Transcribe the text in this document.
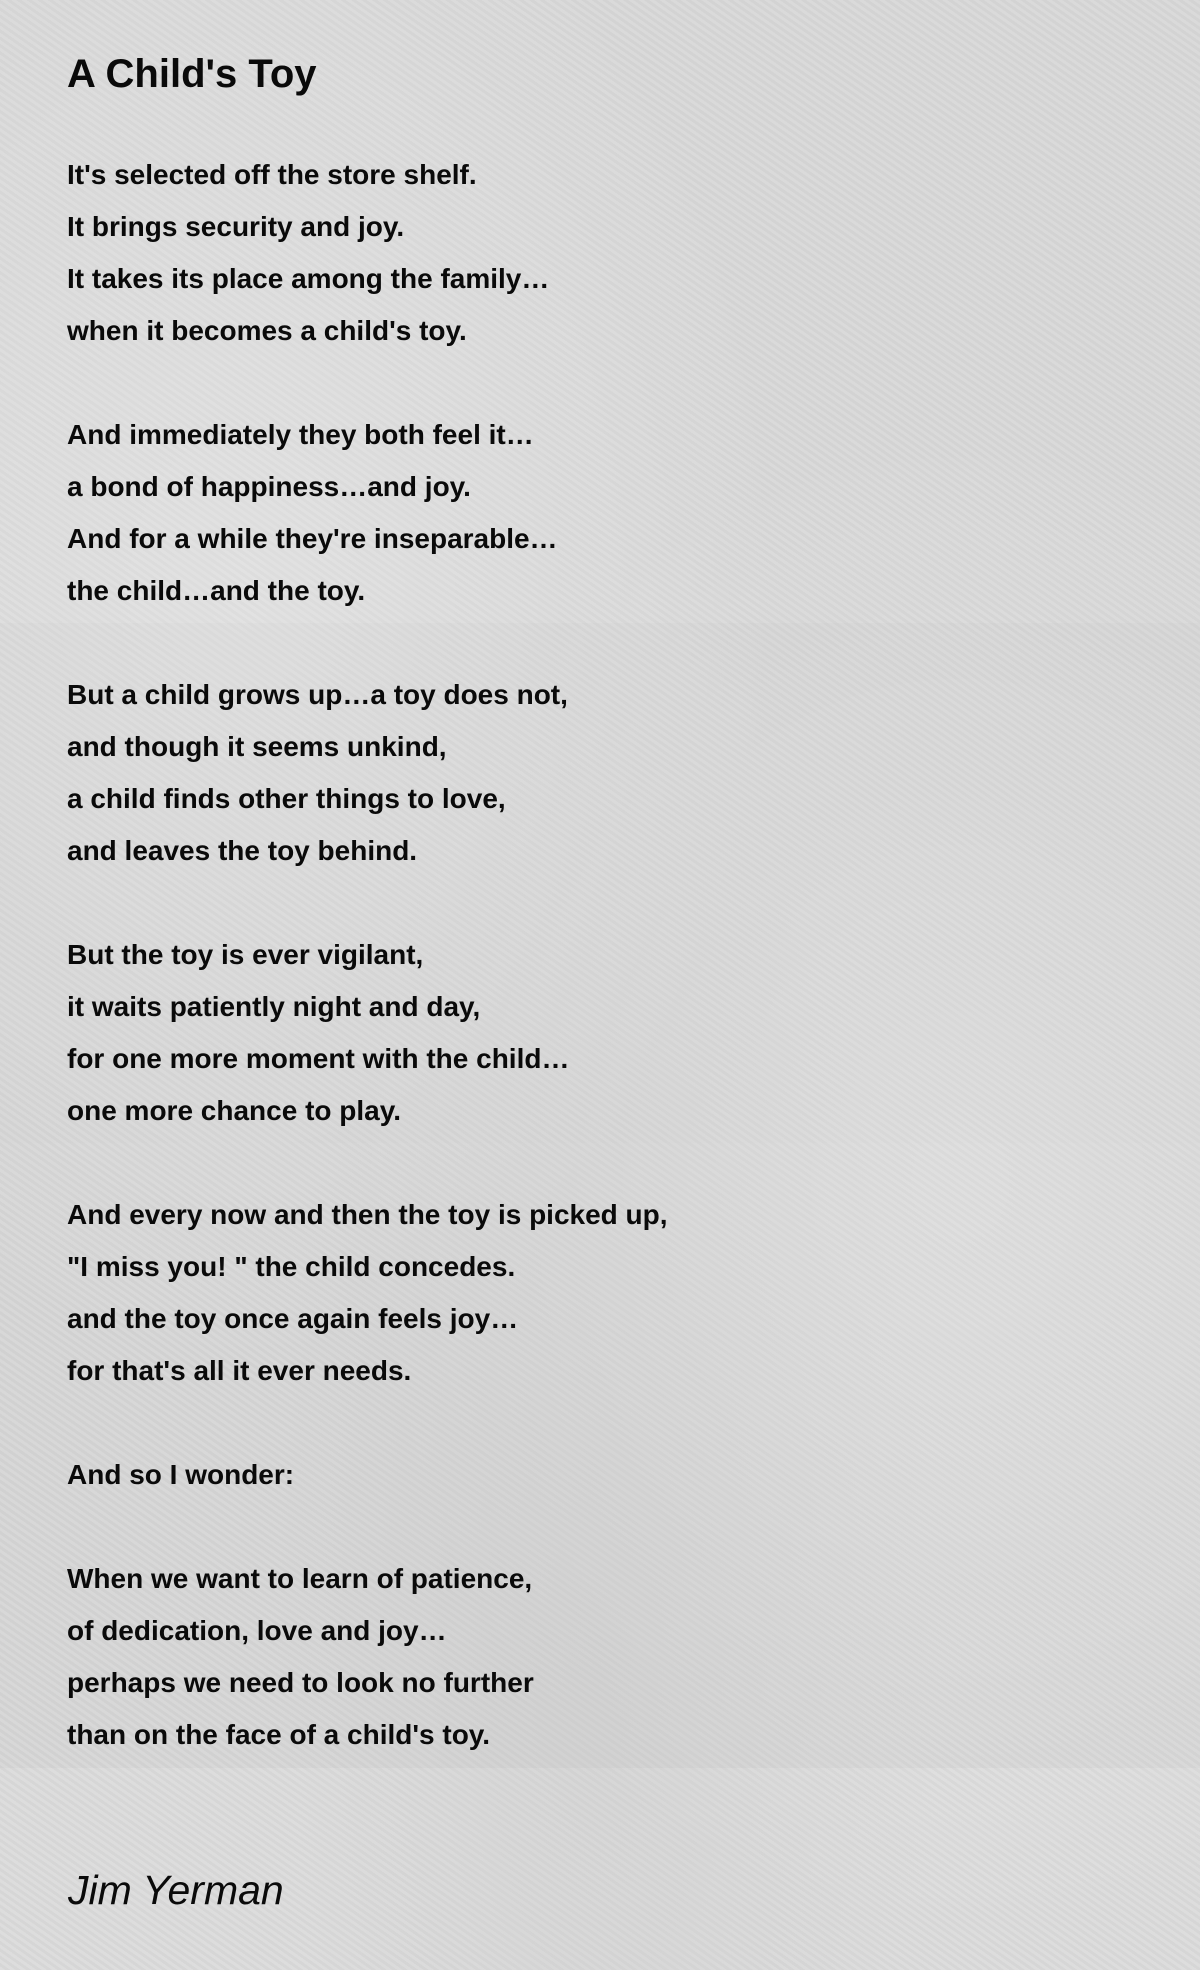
A Child's Toy
It's selected off the store shelf.
It brings security and joy.
It takes its place among the family…
when it becomes a child's toy.
And immediately they both feel it…
a bond of happiness…and joy.
And for a while they're inseparable…
the child…and the toy.
But a child grows up…a toy does not,
and though it seems unkind,
a child finds other things to love,
and leaves the toy behind.
But the toy is ever vigilant,
it waits patiently night and day,
for one more moment with the child…
one more chance to play.
And every now and then the toy is picked up,
"I miss you! " the child concedes.
and the toy once again feels joy…
for that's all it ever needs.
And so I wonder:
When we want to learn of patience,
of dedication, love and joy…
perhaps we need to look no further
than on the face of a child's toy.
Jim Yerman
